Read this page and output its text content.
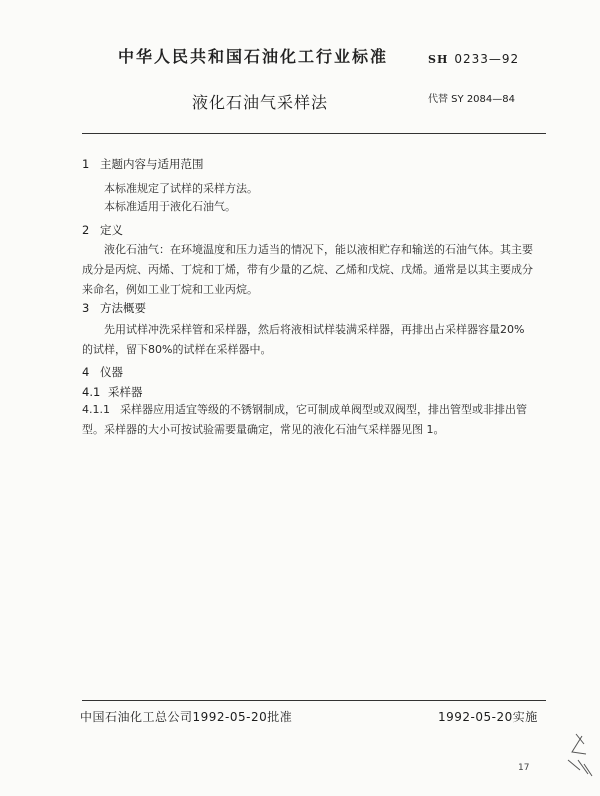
中华人民共和国石油化工行业标准	SH 0233—92
液化石油气采样法	代替 SY 2084—84
1 主题内容与适用范围
本标准规定了试样的采样方法。
本标准适用于液化石油气。
2 定义
液化石油气：在环境温度和压力适当的情况下，能以液相贮存和输送的石油气体。其主要成分是丙烷、丙烯、丁烷和丁烯，带有少量的乙烷、乙烯和戊烷、戊烯。通常是以其主要成分来命名，例如工业丁烷和工业丙烷。
3 方法概要
先用试样冲洗采样管和采样器，然后将液相试样装满采样器，再排出占采样器容量20%的试样，留下80%的试样在采样器中。
4 仪器
4.1 采样器
4.1.1 采样器应用适宜等级的不锈钢制成，它可制成单阀型或双阀型，排出管型或非排出管型。采样器的大小可按试验需要量确定，常见的液化石油气采样器见图 1。
中国石油化工总公司1992-05-20批准	1992-05-20实施
17
